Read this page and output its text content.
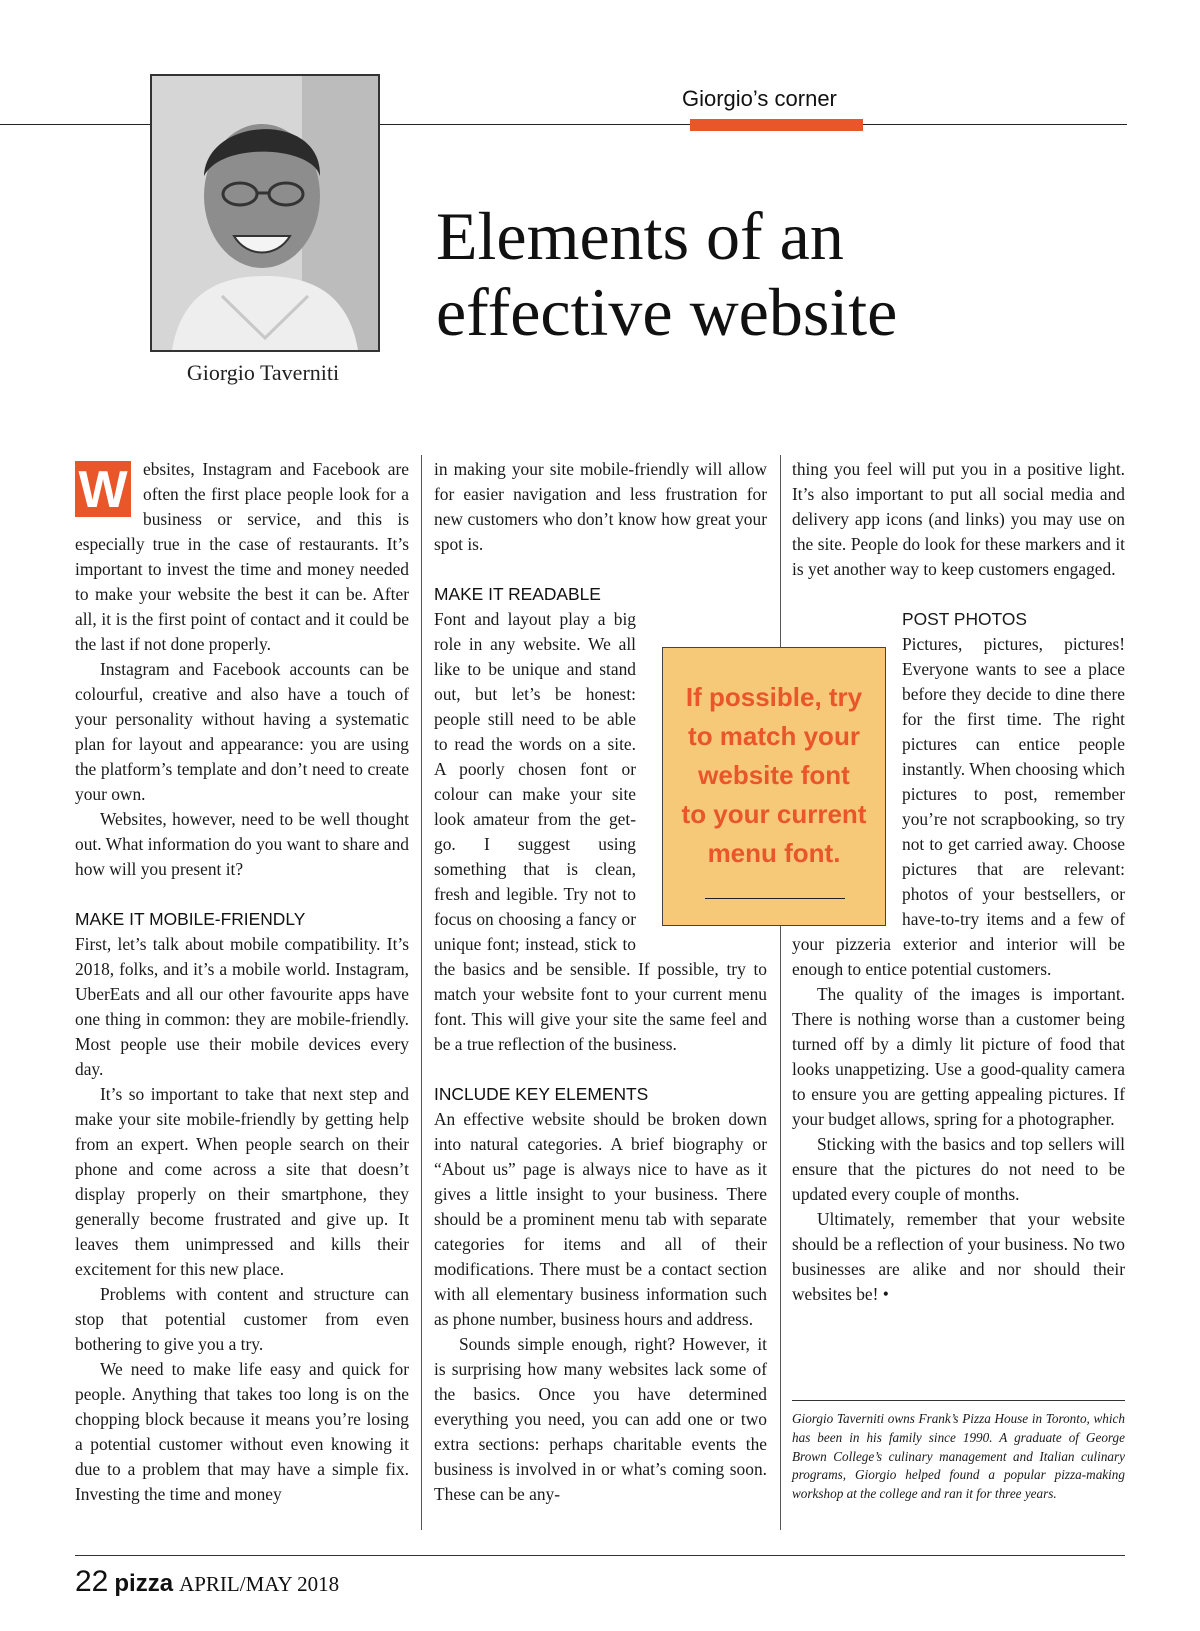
Giorgio’s corner
Giorgio Taverniti
Elements of an
effective website

W ebsites, Instagram and Facebook are often the first place people look for a business or service, and this is especially true in the case of restaurants. It’s important to invest the time and money needed to make your website the best it can be. After all, it is the first point of contact and it could be the last if not done properly.

Instagram and Facebook accounts can be colourful, creative and also have a touch of your personality without having a systematic plan for layout and appearance: you are using the platform’s template and don’t need to create your own.

Websites, however, need to be well thought out. What information do you want to share and how will you present it?

MAKE IT MOBILE-FRIENDLY

First, let’s talk about mobile compatibility. It’s 2018, folks, and it’s a mobile world. Instagram, UberEats and all our other favourite apps have one thing in common: they are mobile-friendly. Most people use their mobile devices every day.

It’s so important to take that next step and make your site mobile-friendly by getting help from an expert. When people search on their phone and come across a site that doesn’t display properly on their smartphone, they generally become frustrated and give up. It leaves them unimpressed and kills their excitement for this new place.

Problems with content and structure can stop that potential customer from even bothering to give you a try.

We need to make life easy and quick for people. Anything that takes too long is on the chopping block because it means you’re losing a potential customer without even knowing it due to a problem that may have a simple fix. Investing the time and money

in making your site mobile-friendly will allow for easier navigation and less frustration for new customers who don’t know how great your spot is.

MAKE IT READABLE

Font and layout play a big role in any website. We all like to be unique and stand out, but let’s be honest: people still need to be able to read the words on a site. A poorly chosen font or colour can make your site look amateur from the get-go. I suggest using something that is clean, fresh and legible. Try not to focus on choosing a fancy or unique font; instead, stick to the basics and be sensible. If possible, try to match your website font to your current menu font. This will give your site the same feel and be a true reflection of the business.

INCLUDE KEY ELEMENTS

An effective website should be broken down into natural categories. A brief biography or “About us” page is always nice to have as it gives a little insight to your business. There should be a prominent menu tab with separate categories for items and all of their modifications. There must be a contact section with all elementary business information such as phone number, business hours and address.

Sounds simple enough, right? However, it is surprising how many websites lack some of the basics. Once you have determined everything you need, you can add one or two extra sections: perhaps charitable events the business is involved in or what’s coming soon. These can be any-

thing you feel will put you in a positive light. It’s also important to put all social media and delivery app icons (and links) you may use on the site. People do look for these markers and it is yet another way to keep customers engaged.

POST PHOTOS
Pictures, pictures, pictures! Everyone wants to see a place before they decide to dine there for the first time. The right pictures can entice people instantly. When choosing which pictures to post, remember you’re not scrapbooking, so try not to get carried away. Choose pictures that are relevant: photos of your bestsellers, or have-to-try items and a few of your pizzeria exterior and interior will be enough to entice potential customers.

The quality of the images is important. There is nothing worse than a customer being turned off by a dimly lit picture of food that looks unappetizing. Use a good-quality camera to ensure you are getting appealing pictures. If your budget allows, spring for a photographer.

Sticking with the basics and top sellers will ensure that the pictures do not need to be updated every couple of months.

Ultimately, remember that your website should be a reflection of your business. No two businesses are alike and nor should their websites be! •

If possible, try
to match your
website font
to your current
menu font.
Giorgio Taverniti owns Frank’s Pizza House in Toronto, which has been in his family since 1990. A graduate of George Brown College’s culinary management and Italian culinary programs, Giorgio helped found a popular pizza-making workshop at the college and ran it for three years.
22 pizza APRIL/MAY 2018
